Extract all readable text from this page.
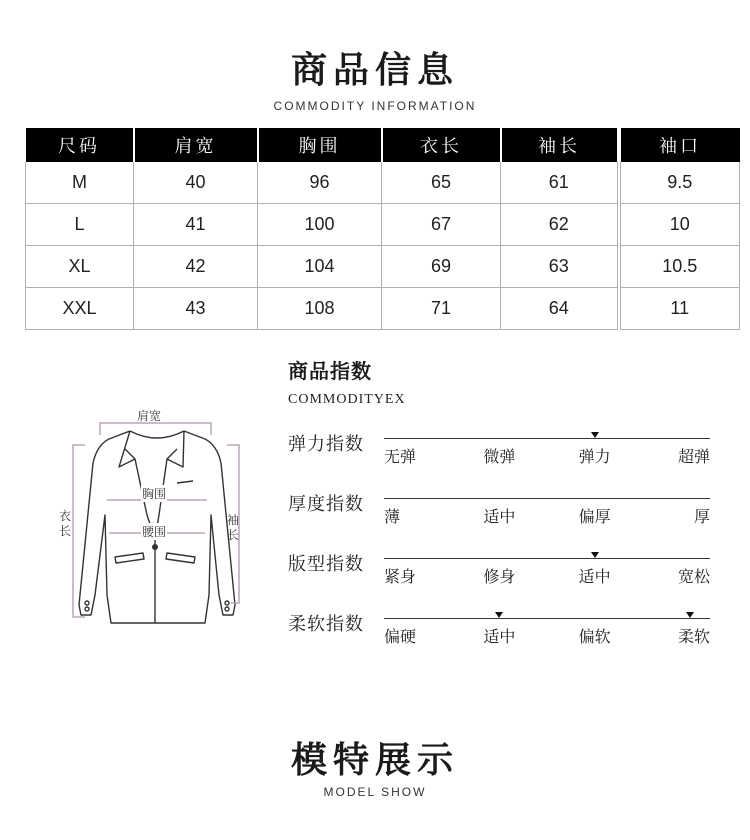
商品信息
COMMODITY INFORMATION
尺码	肩宽	胸围	衣长	袖长	袖口
M	40	96	65	61	9.5
L	41	100	67	62	10
XL	42	104	69	63	10.5
XXL	43	108	71	64	11
肩宽
胸围
腰围
衣长
袖长
商品指数
COMMODITYEX
弹力指数
无弹	微弹	弹力	超弹
厚度指数
薄	适中	偏厚	厚
版型指数
紧身	修身	适中	宽松
柔软指数
偏硬	适中	偏软	柔软
模特展示
MODEL SHOW
